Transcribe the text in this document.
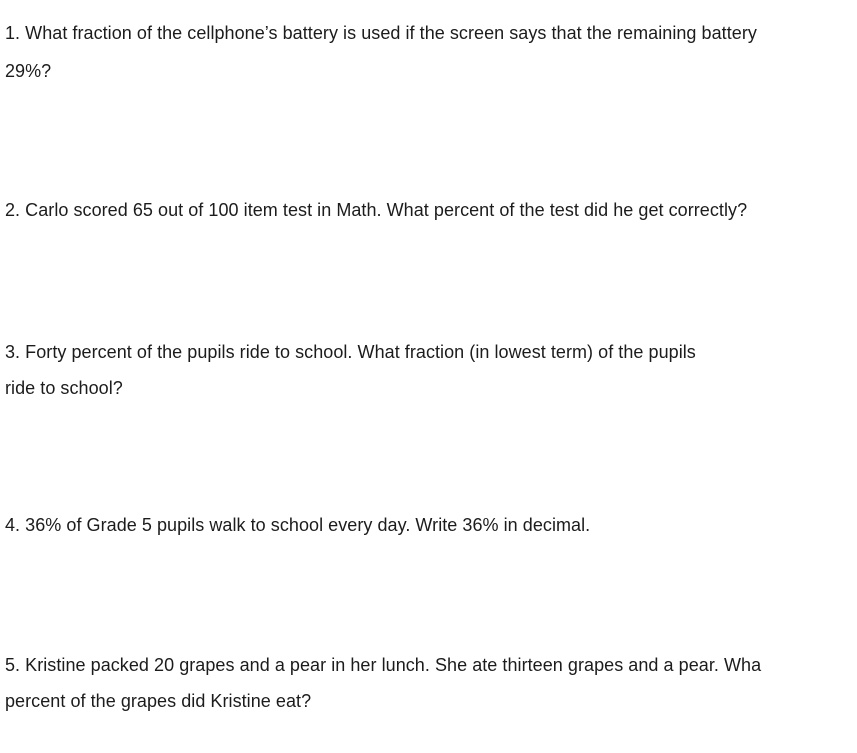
1. What fraction of the cellphone’s battery is used if the screen says that the remaining battery
29%?
2. Carlo scored 65 out of 100 item test in Math. What percent of the test did he get correctly?
3. Forty percent of the pupils ride to school. What fraction (in lowest term) of the pupils
ride to school?
4. 36% of Grade 5 pupils walk to school every day. Write 36% in decimal.
5. Kristine packed 20 grapes and a pear in her lunch. She ate thirteen grapes and a pear. Wha
percent of the grapes did Kristine eat?
